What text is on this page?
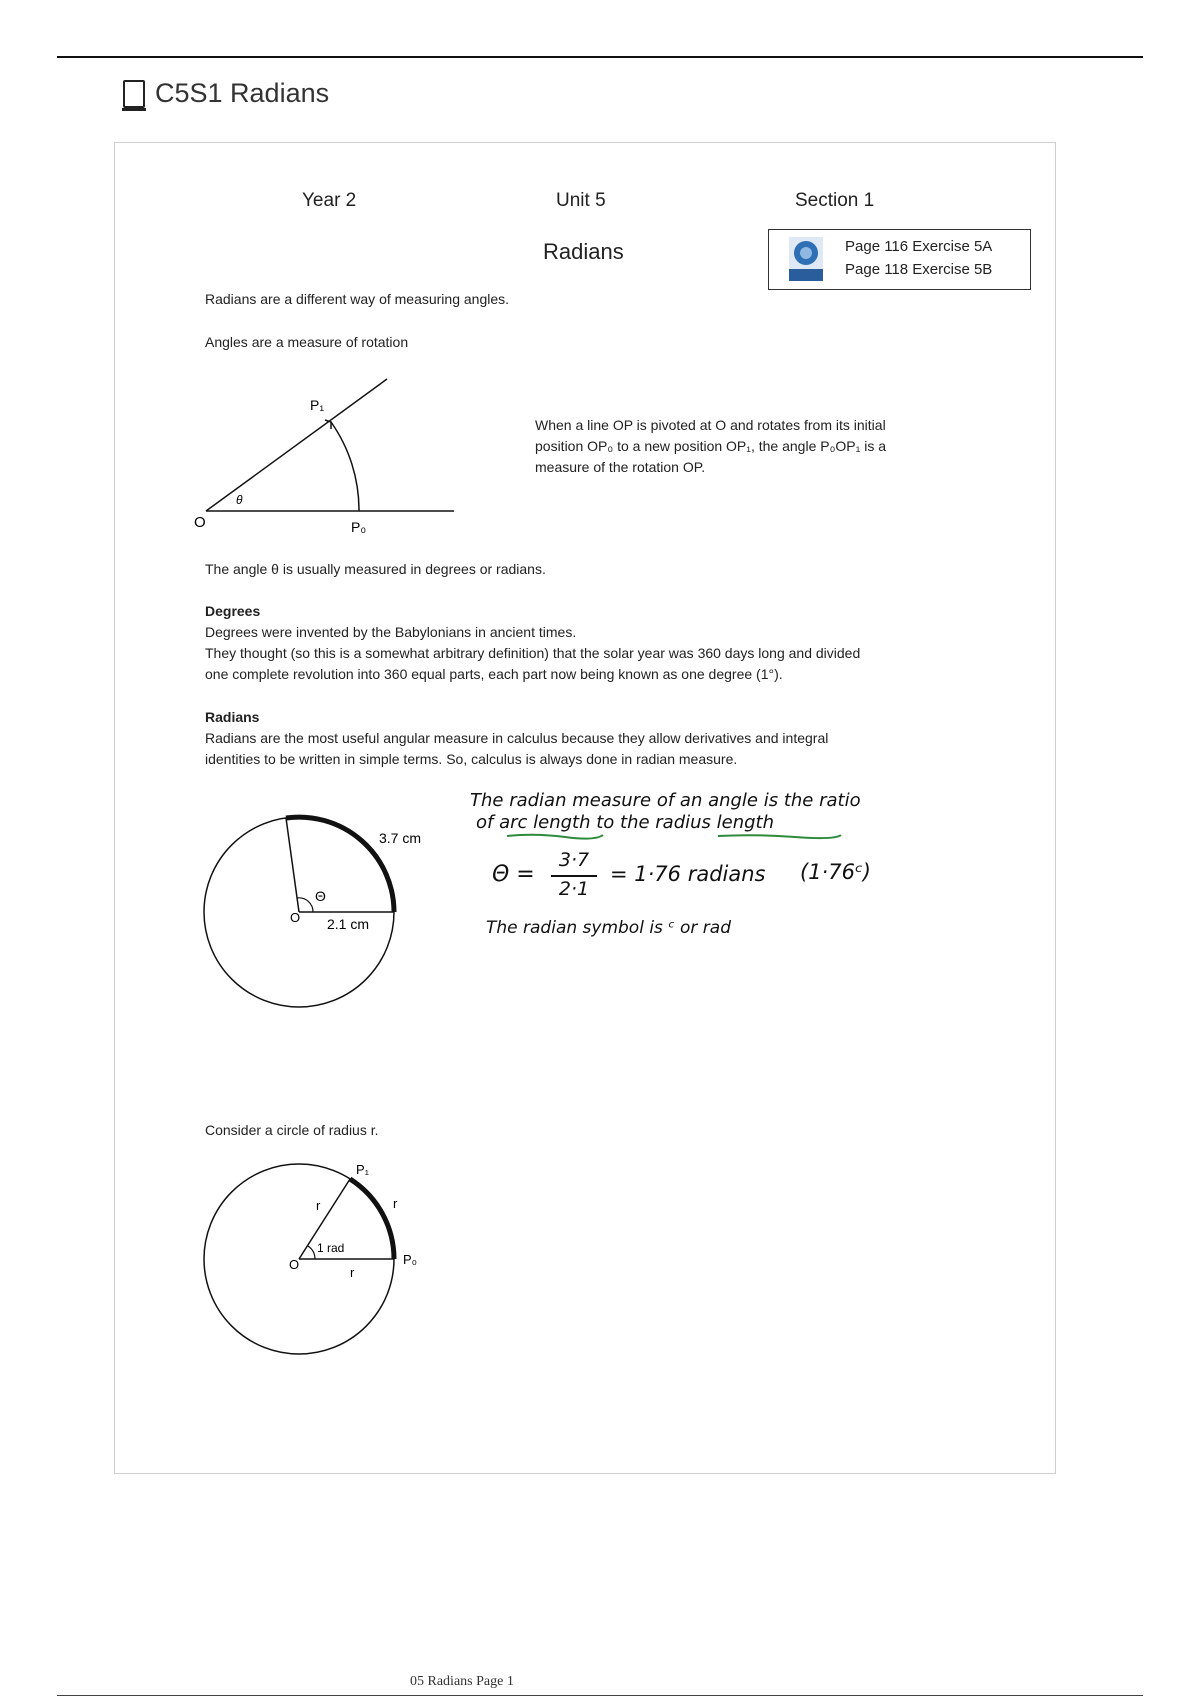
C5S1 Radians
Year 2	Unit 5	Section 1
Radians	Page 116 Exercise 5A
Page 118 Exercise 5B
Radians are a different way of measuring angles.
Angles are a measure of rotation
P₁
P₀
O
θ
When a line OP is pivoted at O and rotates from its initial
position OP₀ to a new position OP₁, the angle P₀OP₁ is a
measure of the rotation OP.
The angle θ is usually measured in degrees or radians.
Degrees
Degrees were invented by the Babylonians in ancient times.
They thought (so this is a somewhat arbitrary definition) that the solar year was 360 days long and divided
one complete revolution into 360 equal parts, each part now being known as one degree (1°).
Radians
Radians are the most useful angular measure in calculus because they allow derivatives and integral
identities to be written in simple terms. So, calculus is always done in radian measure.
3.7 cm
2.1 cm
Θ
O
The radian measure of an angle is the ratio
of arc length to the radius length
Θ =
3·7
2·1
= 1·76 radians (1·76ᶜ)
The radian symbol is ᶜ or rad
Consider a circle of radius r.
P₁
P₀
O
r	r
r
1 rad
05 Radians Page 1
